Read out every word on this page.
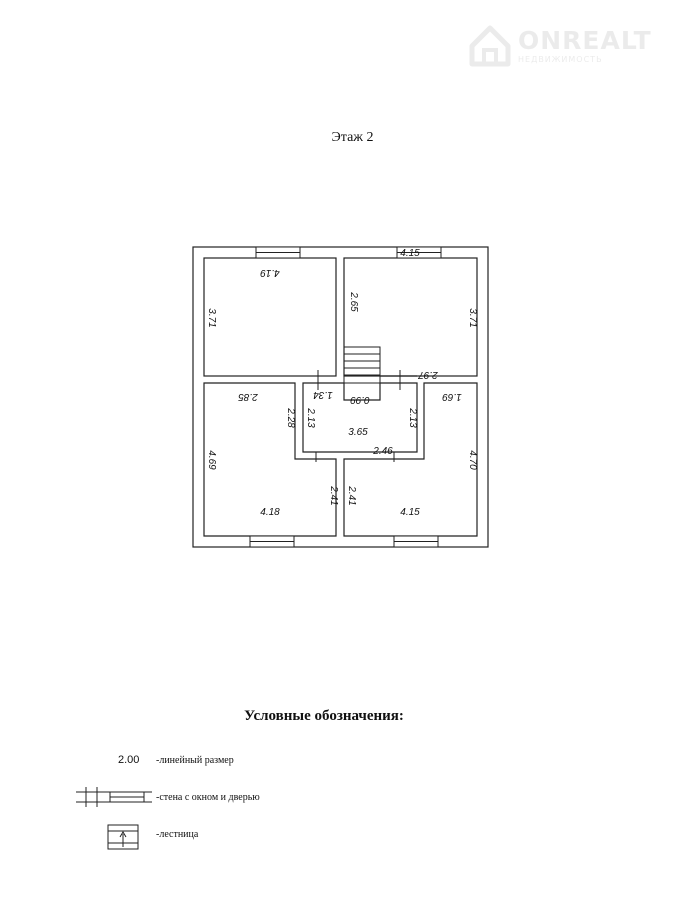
ONREALT
НЕДВИЖИМОСТЬ
Этаж 2
4.19
3.71
4.15
2.65
3.71
2.97
0.99
1.34
2.85	1.69
2.28 2.13	2.13
3.65
2.46
4.69	4.70
2.41 2.41
4.18	4.15
Условные обозначения:
2.00 -линейный размер
-стена с окном и дверью
-лестница
